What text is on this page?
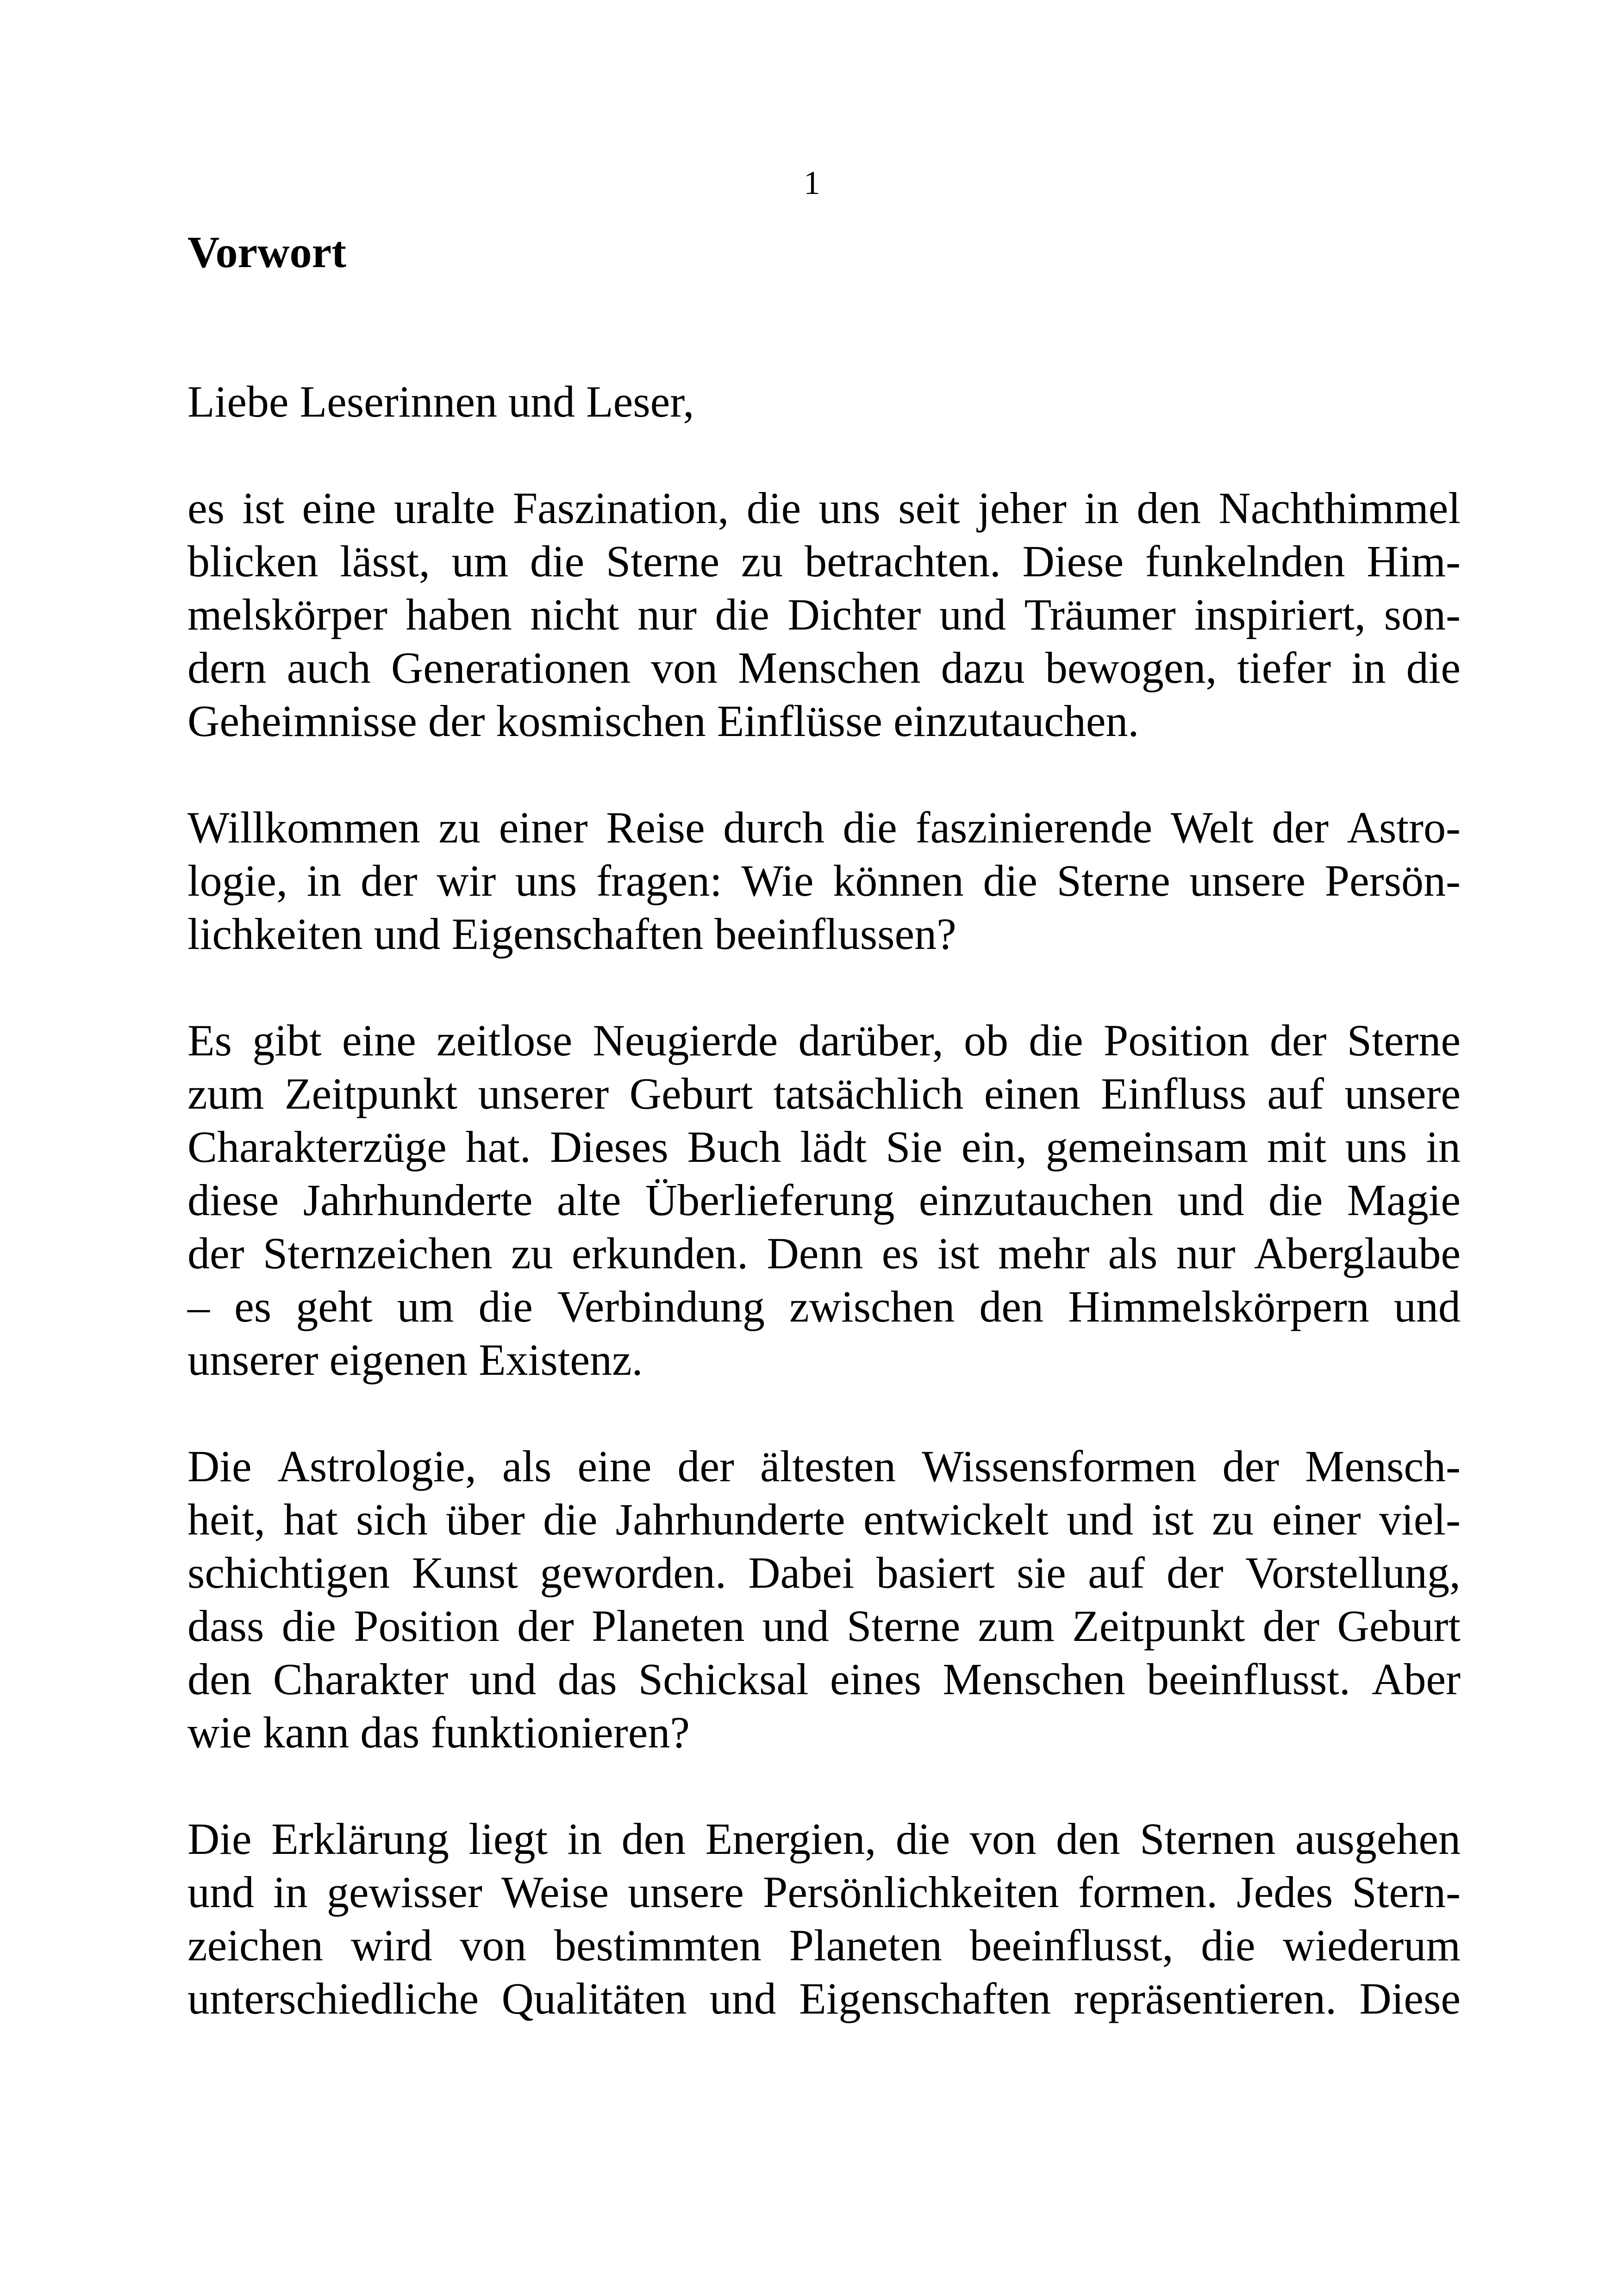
1
Vorwort
Liebe Leserinnen und Leser,
es ist eine uralte Faszination, die uns seit jeher in den Nachthimmel
blicken lässt, um die Sterne zu betrachten. Diese funkelnden Him-
melskörper haben nicht nur die Dichter und Träumer inspiriert, son-
dern auch Generationen von Menschen dazu bewogen, tiefer in die
Geheimnisse der kosmischen Einflüsse einzutauchen.
Willkommen zu einer Reise durch die faszinierende Welt der Astro-
logie, in der wir uns fragen: Wie können die Sterne unsere Persön-
lichkeiten und Eigenschaften beeinflussen?
Es gibt eine zeitlose Neugierde darüber, ob die Position der Sterne
zum Zeitpunkt unserer Geburt tatsächlich einen Einfluss auf unsere
Charakterzüge hat. Dieses Buch lädt Sie ein, gemeinsam mit uns in
diese Jahrhunderte alte Überlieferung einzutauchen und die Magie
der Sternzeichen zu erkunden. Denn es ist mehr als nur Aberglaube
– es geht um die Verbindung zwischen den Himmelskörpern und
unserer eigenen Existenz.
Die Astrologie, als eine der ältesten Wissensformen der Mensch-
heit, hat sich über die Jahrhunderte entwickelt und ist zu einer viel-
schichtigen Kunst geworden. Dabei basiert sie auf der Vorstellung,
dass die Position der Planeten und Sterne zum Zeitpunkt der Geburt
den Charakter und das Schicksal eines Menschen beeinflusst. Aber
wie kann das funktionieren?
Die Erklärung liegt in den Energien, die von den Sternen ausgehen
und in gewisser Weise unsere Persönlichkeiten formen. Jedes Stern-
zeichen wird von bestimmten Planeten beeinflusst, die wiederum
unterschiedliche Qualitäten und Eigenschaften repräsentieren. Diese
